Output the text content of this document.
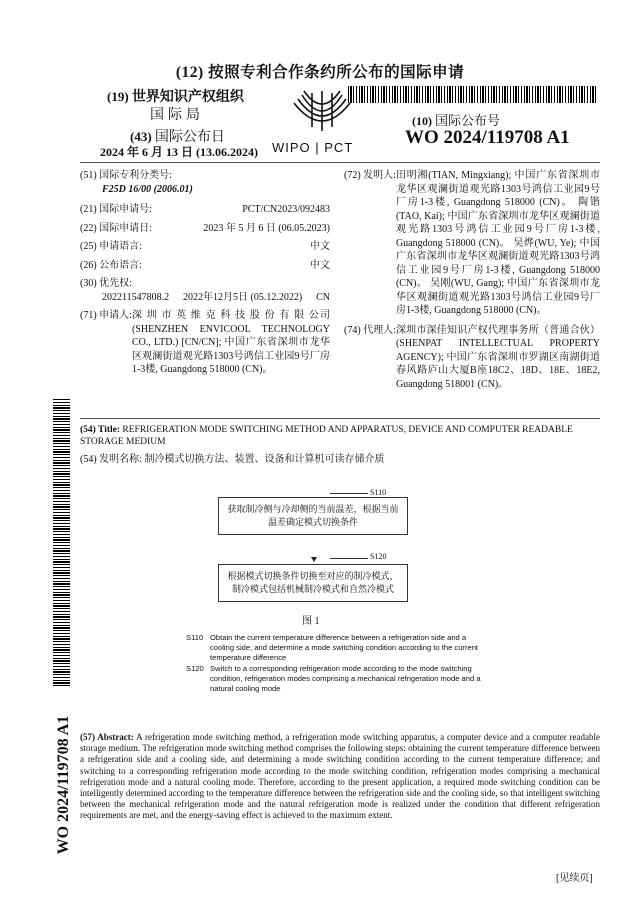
(12) 按照专利合作条约所公布的国际申请
(19) 世界知识产权组织
国际局
(43) 国际公布日
2024 年 6 月 13 日 (13.06.2024) WIPO | PCT
(10) 国际公布号
WO 2024/119708 A1
(51) 国际专利分类号:
F25D 16/00 (2006.01)
(21) 国际申请号:	PCT/CN2023/092483
(22) 国际申请日:	2023 年 5 月 6 日 (06.05.2023)
(25) 申请语言:	中文
(26) 公布语言:	中文
(30) 优先权:
202211547808.2 2022年12月5日 (05.12.2022) CN
(71) 申请人: 深 圳 市 英 维 克 科 技 股 份 有 限 公司(SHENZHEN ENVICOOL TECHNOLOGY CO., LTD.) [CN/CN]; 中国广东省深圳市龙华区观澜街道观光路1303号鸿信工业园9号厂房1-3楼, Guangdong 518000 (CN)。
(72) 发明人: 田明湘(TIAN, Mingxiang); 中国广东省深圳市龙华区观澜街道观光路1303号鸿信工业园9号厂房1-3楼, Guangdong 518000 (CN)。 陶锴(TAO, Kai); 中国广东省深圳市龙华区观澜街道观光路1303号鸿信工业园9号厂房1-3楼, Guangdong 518000 (CN)。 吴烨(WU, Ye); 中国广东省深圳市龙华区观澜街道观光路1303号鸿信工业园9号厂房1-3楼, Guangdong 518000 (CN)。 吴刚(WU, Gang); 中国广东省深圳市龙华区观澜街道观光路1303号鸿信工业园9号厂房1-3楼, Guangdong 518000 (CN)。
(74) 代理人: 深圳市深佳知识产权代理事务所（普通合伙）(SHENPAT INTELLECTUAL PROPERTY AGENCY); 中国广东省深圳市罗湖区南湖街道春风路庐山大厦B座18C2、18D、18E、18E2, Guangdong 518001 (CN)。
(54) Title: REFRIGERATION MODE SWITCHING METHOD AND APPARATUS, DEVICE AND COMPUTER READABLE STORAGE MEDIUM
(54) 发明名称: 制冷模式切换方法、装置、设备和计算机可读存储介质
S110
获取制冷侧与冷却侧的当前温差，根据当前温差确定模式切换条件
S120
根据模式切换条件切换至对应的制冷模式，制冷模式包括机械制冷模式和自然冷模式
图 1
S110 Obtain the current temperature difference between a refrigeration side and a cooling side, and determine a mode switching condition according to the current temperature difference
S120 Switch to a corresponding refrigeration mode according to the mode switching condition, refrigeration modes comprising a mechanical refrigeration mode and a natural cooling mode
(57) Abstract: A refrigeration mode switching method, a refrigeration mode switching apparatus, a computer device and a computer readable storage medium. The refrigeration mode switching method comprises the following steps: obtaining the current temperature difference between a refrigeration side and a cooling side, and determining a mode switching condition according to the current temperature difference; and switching to a corresponding refrigeration mode according to the mode switching condition, refrigeration modes comprising a mechanical refrigeration mode and a natural cooling mode. Therefore, according to the present application, a required mode switching condition can be intelligently determined according to the temperature difference between the refrigeration side and the cooling side, so that intelligent switching between the mechanical refrigeration mode and the natural refrigeration mode is realized under the condition that different refrigeration requirements are met, and the energy-saving effect is achieved to the maximum extent.
WO 2024/119708 A1
[见续页]
